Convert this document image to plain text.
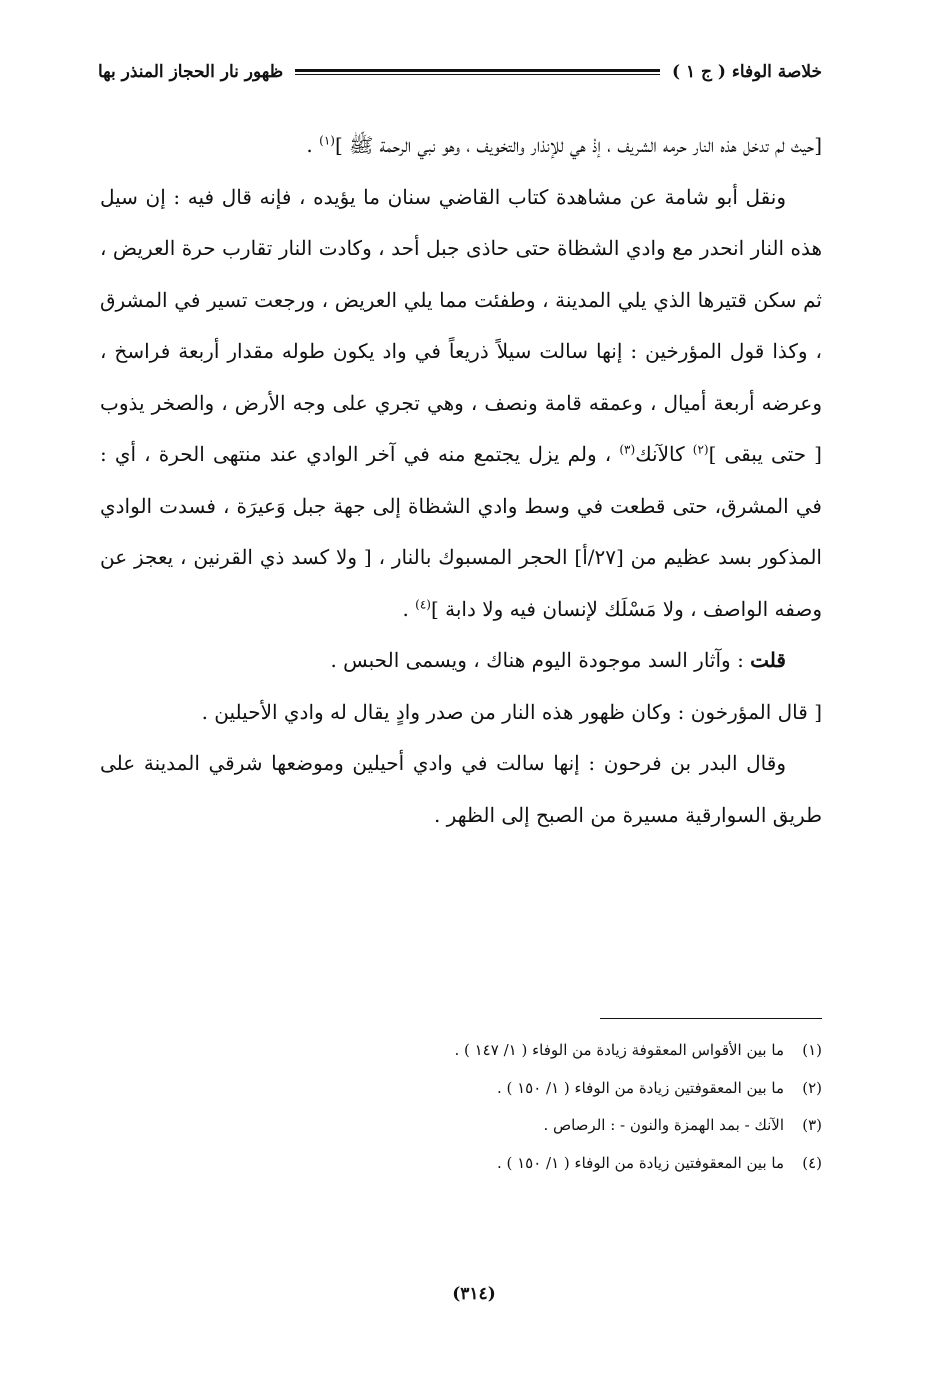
خلاصة الوفاء ( ج ١ )
ظهور نار الحجاز المنذر بها

[حيث لم تدخل هذه النار حرمه الشريف ، إذْ هي للإنذار والتخويف ، وهو نبي الرحمة ﷺ ]$^{(١)}$ .

ونقل أبو شامة عن مشاهدة كتاب القاضي سنان ما يؤيده ، فإنه قال فيه : إن سيل هذه النار انحدر مع وادي الشظاة حتى حاذى جبل أحد ، وكادت النار تقارب حرة العريض ، ثم سكن قتيرها الذي يلي المدينة ، وطفئت مما يلي العريض ، ورجعت تسير في المشرق ، وكذا قول المؤرخين : إنها سالت سيلاً ذريعاً في واد يكون طوله مقدار أربعة فراسخ ، وعرضه أربعة أميال ، وعمقه قامة ونصف ، وهي تجري على وجه الأرض ، والصخر يذوب [ حتى يبقى ]$^{(٢)}$ كالآنك$^{(٣)}$ ، ولم يزل يجتمع منه في آخر الوادي عند منتهى الحرة ، أي : في المشرق، حتى قطعت في وسط وادي الشظاة إلى جهة جبل وَعيرَة ، فسدت الوادي المذكور بسد عظيم من [٢٧/أ] الحجر المسبوك بالنار ، [ ولا كسد ذي القرنين ، يعجز عن وصفه الواصف ، ولا مَسْلَك لإنسان فيه ولا دابة ]$^{(٤)}$ .

قلت : وآثار السد موجودة اليوم هناك ، ويسمى الحبس .

[ قال المؤرخون : وكان ظهور هذه النار من صدر وادٍ يقال له وادي الأحيلين .

وقال البدر بن فرحون : إنها سالت في وادي أحيلين وموضعها شرقي المدينة على طريق السوارقية مسيرة من الصبح إلى الظهر .

(١)
ما بين الأقواس المعقوفة زيادة من الوفاء ( ١/ ١٤٧ ) .
(٢)
ما بين المعقوفتين زيادة من الوفاء ( ١/ ١٥٠ ) .
(٣)
الآنك - بمد الهمزة والنون - : الرصاص .
(٤)
ما بين المعقوفتين زيادة من الوفاء ( ١/ ١٥٠ ) .
(٣١٤)
